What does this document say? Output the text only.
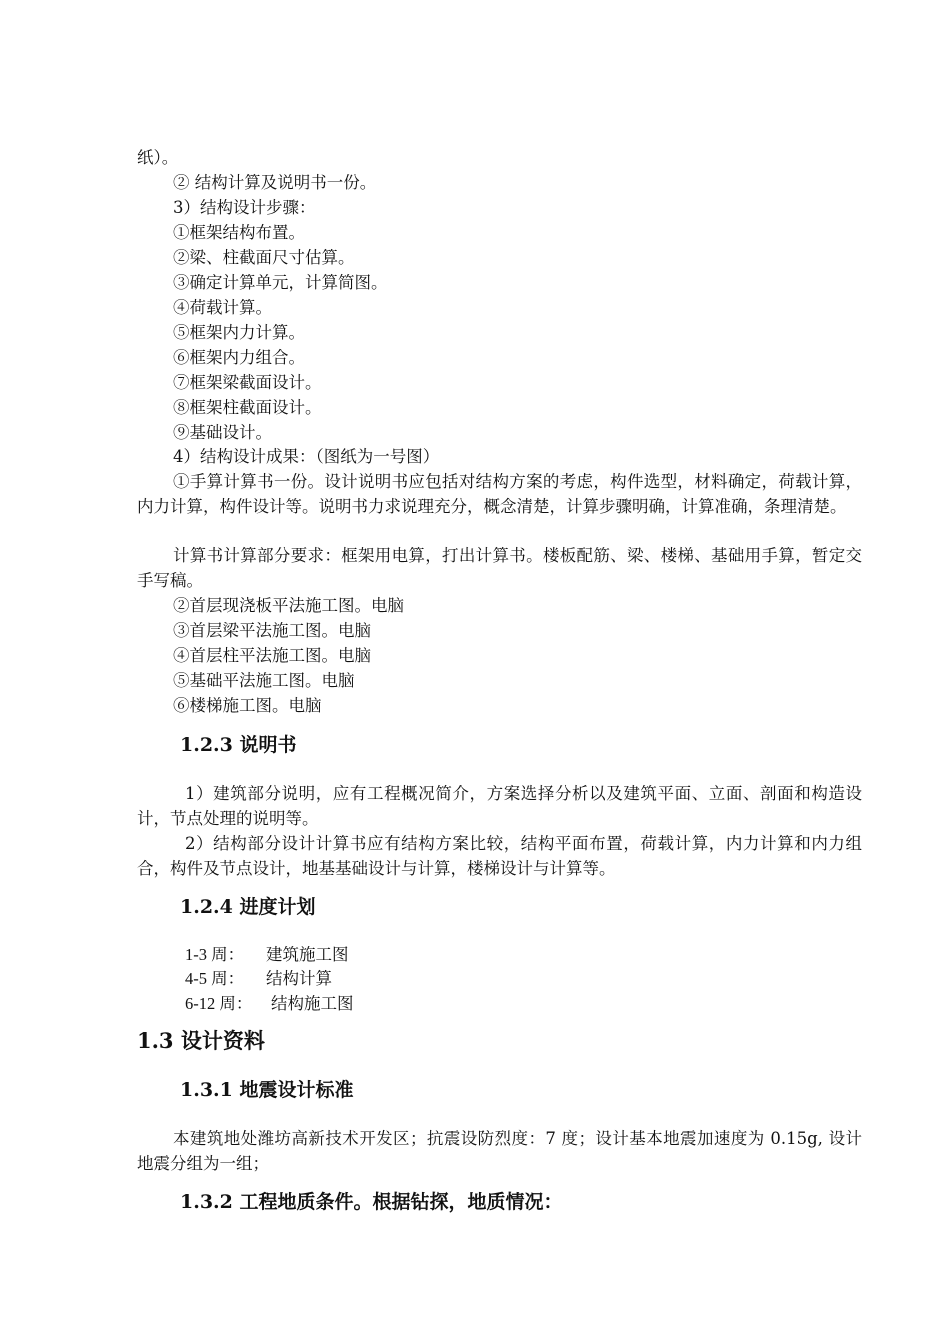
纸）。
② 结构计算及说明书一份。
3）结构设计步骤：
①框架结构布置。
②梁、柱截面尺寸估算。
③确定计算单元，计算简图。
④荷载计算。
⑤框架内力计算。
⑥框架内力组合。
⑦框架梁截面设计。
⑧框架柱截面设计。
⑨基础设计。
4）结构设计成果：（图纸为一号图）
①手算计算书一份。设计说明书应包括对结构方案的考虑，构件选型，材料确定，荷载计算，内力计算，构件设计等。说明书力求说理充分，概念清楚，计算步骤明确，计算准确，条理清楚。
计算书计算部分要求：框架用电算，打出计算书。楼板配筋、梁、楼梯、基础用手算，暂定交手写稿。
②首层现浇板平法施工图。电脑
③首层梁平法施工图。电脑
④首层柱平法施工图。电脑
⑤基础平法施工图。电脑
⑥楼梯施工图。电脑
1.2.3 说明书
1）建筑部分说明，应有工程概况简介，方案选择分析以及建筑平面、立面、剖面和构造设计，节点处理的说明等。
2）结构部分设计计算书应有结构方案比较，结构平面布置，荷载计算，内力计算和内力组合，构件及节点设计，地基基础设计与计算，楼梯设计与计算等。
1.2.4 进度计划
1-3 周： 建筑施工图
4-5 周： 结构计算
6-12 周： 结构施工图
1.3 设计资料
1.3.1 地震设计标准
本建筑地处潍坊高新技术开发区；抗震设防烈度：7 度；设计基本地震加速度为 0.15g, 设计地震分组为一组；
1.3.2 工程地质条件。根据钻探，地质情况：
